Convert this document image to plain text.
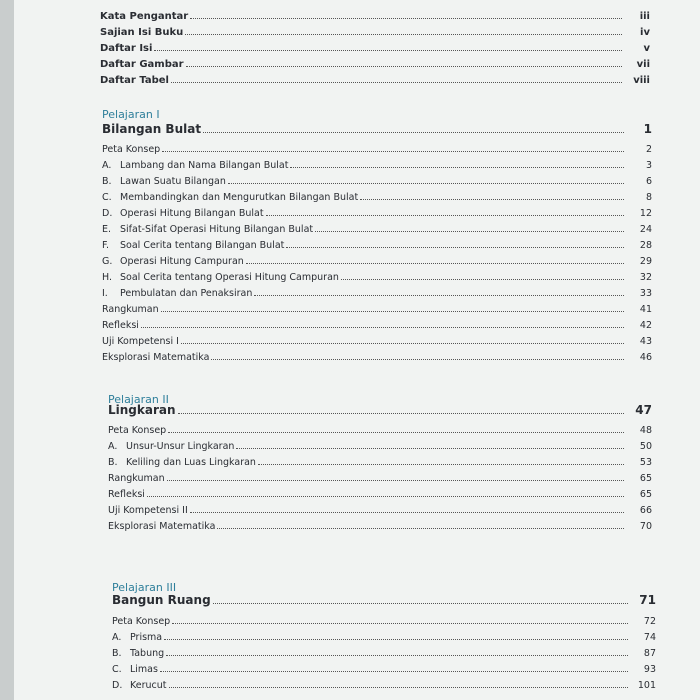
Kata Pengantar	iii
Sajian Isi Buku	iv
Daftar Isi	v
Daftar Gambar	vii
Daftar Tabel	viii
Pelajaran I
Bilangan Bulat	1
Peta Konsep	2
A. Lambang dan Nama Bilangan Bulat	3
B. Lawan Suatu Bilangan	6
C. Membandingkan dan Mengurutkan Bilangan Bulat	8
D. Operasi Hitung Bilangan Bulat	12
E. Sifat-Sifat Operasi Hitung Bilangan Bulat	24
F. Soal Cerita tentang Bilangan Bulat	28
G. Operasi Hitung Campuran	29
H. Soal Cerita tentang Operasi Hitung Campuran	32
I. Pembulatan dan Penaksiran	33
Rangkuman	41
Refleksi	42
Uji Kompetensi I	43
Eksplorasi Matematika	46
Pelajaran II
Lingkaran	47
Peta Konsep	48
A. Unsur-Unsur Lingkaran	50
B. Keliling dan Luas Lingkaran	53
Rangkuman	65
Refleksi	65
Uji Kompetensi II	66
Eksplorasi Matematika	70
Pelajaran III
Bangun Ruang	71
Peta Konsep	72
A. Prisma	74
B. Tabung	87
C. Limas	93
D. Kerucut	101
